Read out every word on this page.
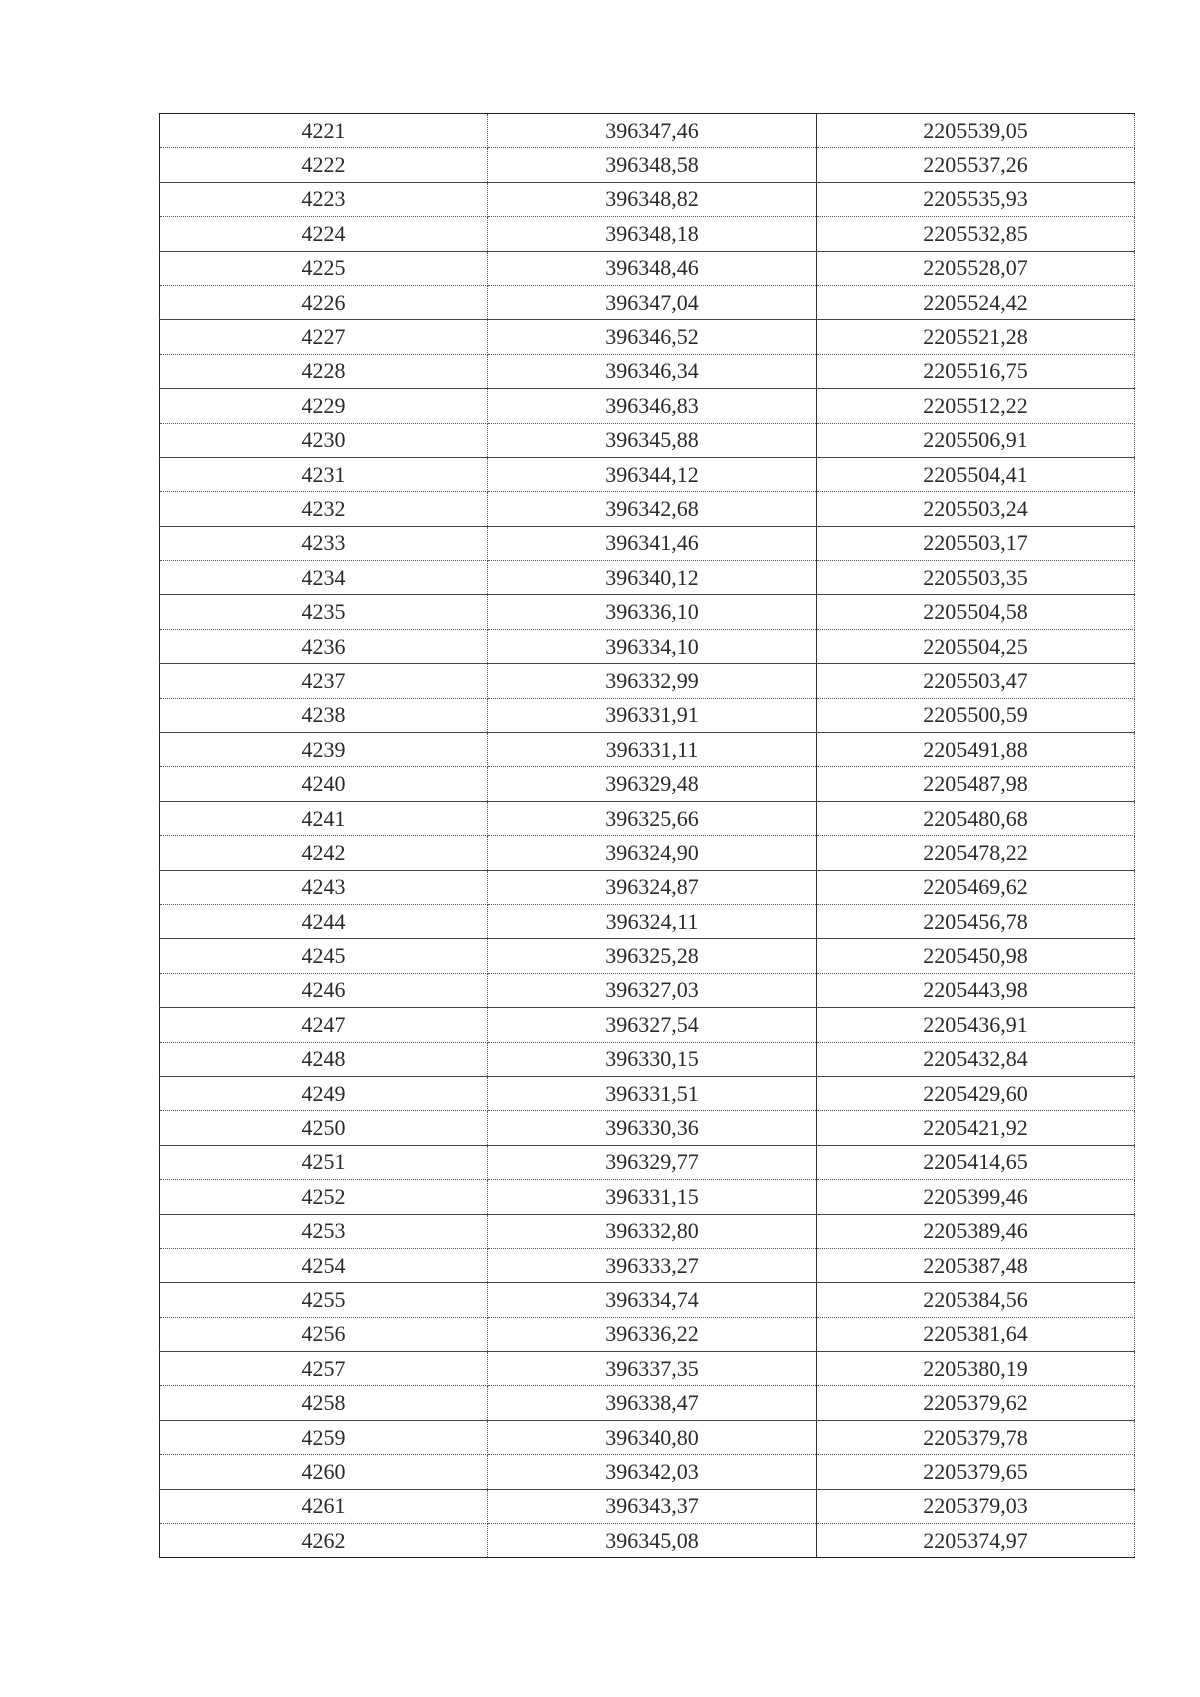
4221	396347,46	2205539,05
4222	396348,58	2205537,26
4223	396348,82	2205535,93
4224	396348,18	2205532,85
4225	396348,46	2205528,07
4226	396347,04	2205524,42
4227	396346,52	2205521,28
4228	396346,34	2205516,75
4229	396346,83	2205512,22
4230	396345,88	2205506,91
4231	396344,12	2205504,41
4232	396342,68	2205503,24
4233	396341,46	2205503,17
4234	396340,12	2205503,35
4235	396336,10	2205504,58
4236	396334,10	2205504,25
4237	396332,99	2205503,47
4238	396331,91	2205500,59
4239	396331,11	2205491,88
4240	396329,48	2205487,98
4241	396325,66	2205480,68
4242	396324,90	2205478,22
4243	396324,87	2205469,62
4244	396324,11	2205456,78
4245	396325,28	2205450,98
4246	396327,03	2205443,98
4247	396327,54	2205436,91
4248	396330,15	2205432,84
4249	396331,51	2205429,60
4250	396330,36	2205421,92
4251	396329,77	2205414,65
4252	396331,15	2205399,46
4253	396332,80	2205389,46
4254	396333,27	2205387,48
4255	396334,74	2205384,56
4256	396336,22	2205381,64
4257	396337,35	2205380,19
4258	396338,47	2205379,62
4259	396340,80	2205379,78
4260	396342,03	2205379,65
4261	396343,37	2205379,03
4262	396345,08	2205374,97
